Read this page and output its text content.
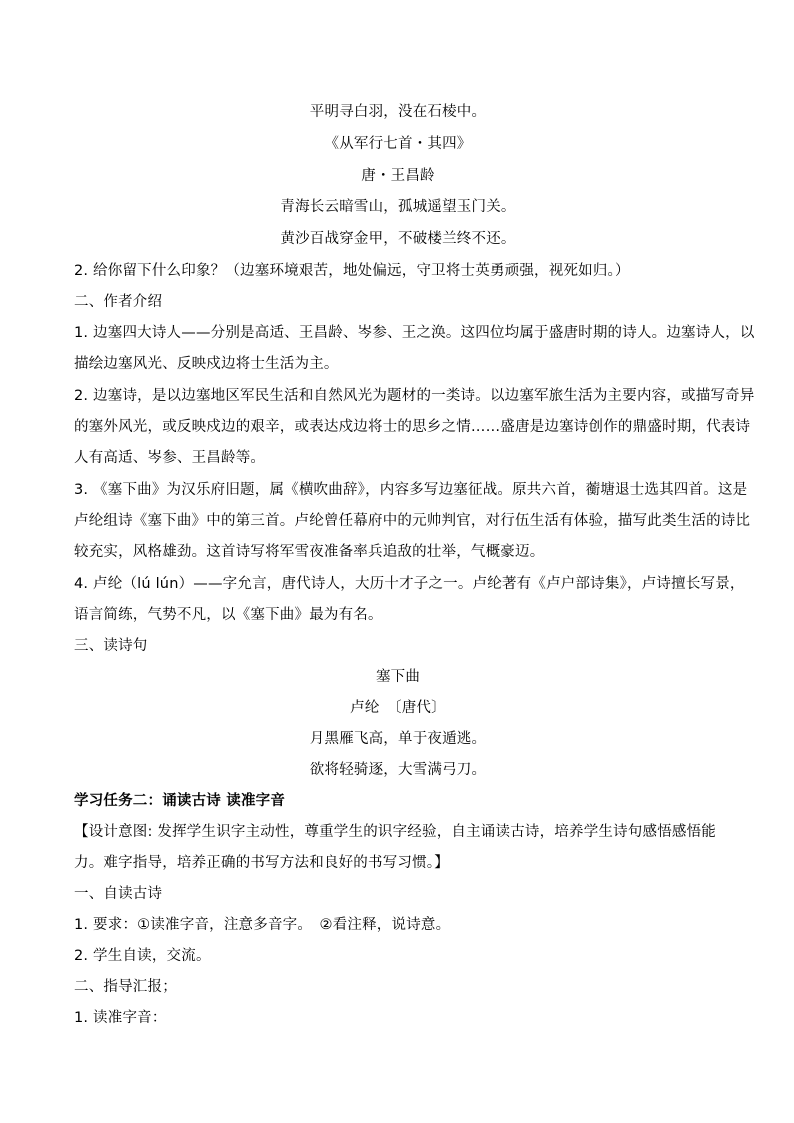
平明寻白羽，没在石棱中。
《从军行七首・其四》
唐・王昌龄
青海长云暗雪山，孤城遥望玉门关。
黄沙百战穿金甲，不破楼兰终不还。
2. 给你留下什么印象？（边塞环境艰苦，地处偏远，守卫将士英勇顽强，视死如归。）
二、作者介绍
1. 边塞四大诗人——分别是高适、王昌龄、岑参、王之涣。这四位均属于盛唐时期的诗人。边塞诗人，以
描绘边塞风光、反映戍边将士生活为主。
2. 边塞诗，是以边塞地区军民生活和自然风光为题材的一类诗。以边塞军旅生活为主要内容，或描写奇异
的塞外风光，或反映戍边的艰辛，或表达戍边将士的思乡之情……盛唐是边塞诗创作的鼎盛时期，代表诗
人有高适、岑参、王昌龄等。
3. 《塞下曲》为汉乐府旧题，属《横吹曲辞》，内容多写边塞征战。原共六首，蘅塘退士选其四首。这是
卢纶组诗《塞下曲》中的第三首。卢纶曾任幕府中的元帅判官，对行伍生活有体验，描写此类生活的诗比
较充实，风格雄劲。这首诗写将军雪夜准备率兵追敌的壮举，气概豪迈。
4. 卢纶（lú lún）——字允言，唐代诗人，大历十才子之一。卢纶著有《卢户部诗集》，卢诗擅长写景，
语言简练，气势不凡，以《塞下曲》最为有名。
三、读诗句
塞下曲
卢纶　〔唐代〕
月黑雁飞高，单于夜遁逃。
欲将轻骑逐，大雪满弓刀。
学习任务二：诵读古诗 读准字音
【设计意图: 发挥学生识字主动性，尊重学生的识字经验，自主诵读古诗，培养学生诗句感悟感悟能
力。难字指导，培养正确的书写方法和良好的书写习惯。】
一、自读古诗
1. 要求：①读准字音，注意多音字。　②看注释，说诗意。
2. 学生自读，交流。
二、指导汇报；
1. 读准字音：
